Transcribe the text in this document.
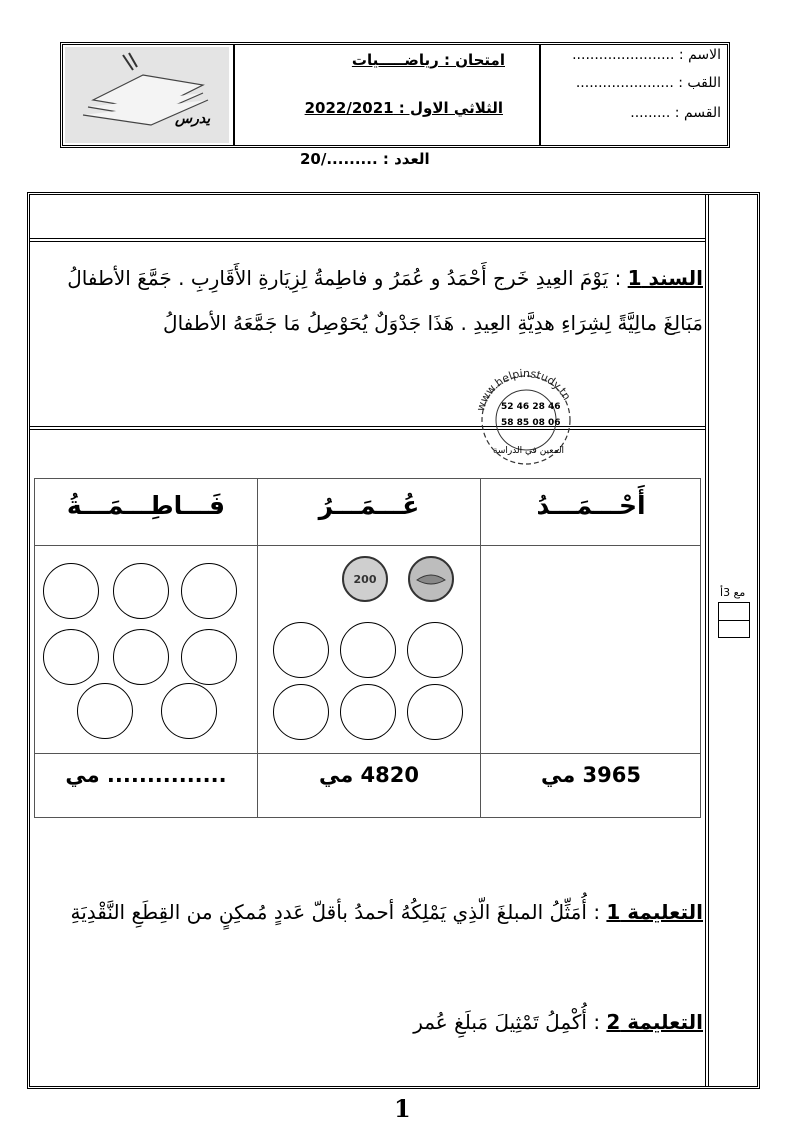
يدرس
امتحان : رياضـــــيات
الثلاثي الاول : 2022/2021
الاسم : .......................
اللقب : ......................
القسم : .........
العدد : ........./20
السند 1 : يَوْمَ العِيدِ خَرج أَحْمَدُ و عُمَرُ و فاطِمةُ لِزِيَارةِ الأَقَارِبِ . جَمَّعَ الأطفالُ مَبَالِغَ مالِيَّةً لِشِرَاءِ هدِيَّةِ العِيدِ . هَذَا جَدْوَلٌ يُحَوْصِلُ مَا جَمَّعَهُ الأطفالُ
www.helpinstudy.tn
52 46 28 46
58 85 08 06
المعين في الدراسة
أَحْـــمَـــدُ
عُـــمَـــرُ
فَـــاطِـــمَـــةُ
200
3965 مي
4820 مي
............... مي
مع 3أ
التعليمة 1 : أُمَثِّلُ المبلغَ الّذِي يَمْلِكُهُ أحمدُ بأقلّ عَددٍ مُمكِنٍ من القِطَعِ النَّقْدِيَةِ
التعليمة 2 : أُكْمِلُ تَمْثِيلَ مَبلَغِ عُمر
1
